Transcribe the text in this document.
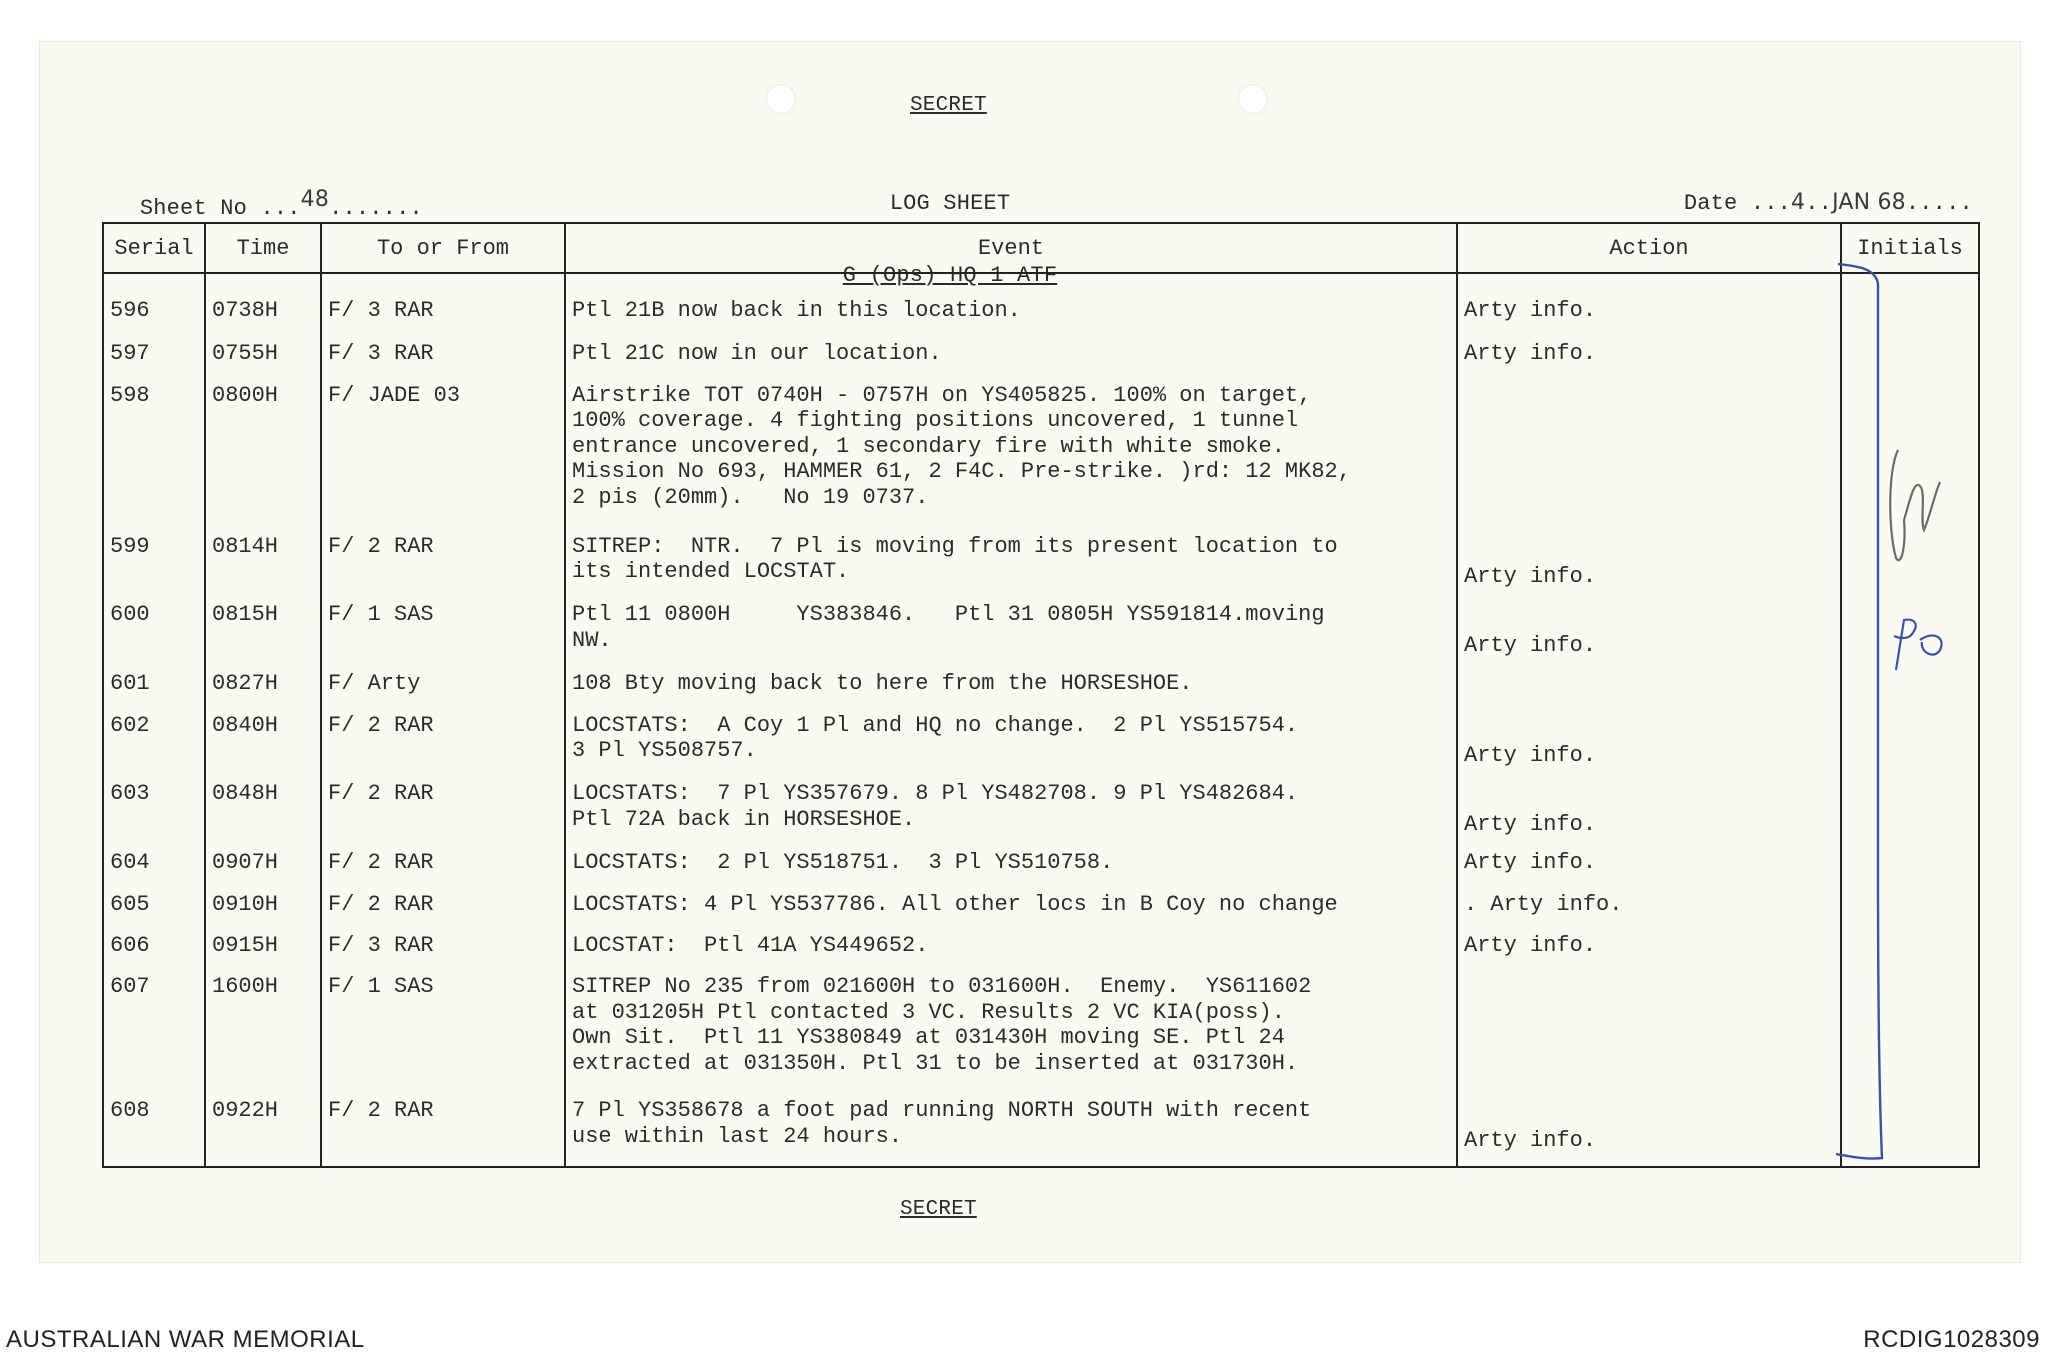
SECRET

LOG SHEET

G (Ops) HQ 1 ATF

Sheet No ...48.......	Date ...4..JAN 68.....

Serial	Time	To or From	Event	Action	Initials
596	0738H	F/ 3 RAR	Ptl 21B now back in this location.	Arty info.	
597	0755H	F/ 3 RAR	Ptl 21C now in our location.	Arty info.	
598	0800H	F/ JADE 03	Airstrike TOT 0740H - 0757H on YS405825. 100% on target,
100% coverage. 4 fighting positions uncovered, 1 tunnel
entrance uncovered, 1 secondary fire with white smoke.
Mission No 693, HAMMER 61, 2 F4C. Pre-strike. )rd: 12 MK82,
2 pis (20mm).   No 19 0737.		
599	0814H	F/ 2 RAR	SITREP:  NTR.  7 Pl is moving from its present location to
its intended LOCSTAT.	Arty info.	
600	0815H	F/ 1 SAS	Ptl 11 0800H     YS383846.   Ptl 31 0805H YS591814.moving
NW.	Arty info.	
601	0827H	F/ Arty	108 Bty moving back to here from the HORSESHOE.		
602	0840H	F/ 2 RAR	LOCSTATS:  A Coy 1 Pl and HQ no change.  2 Pl YS515754.
3 Pl YS508757.	Arty info.	
603	0848H	F/ 2 RAR	LOCSTATS:  7 Pl YS357679. 8 Pl YS482708. 9 Pl YS482684.
Ptl 72A back in HORSESHOE.	Arty info.	
604	0907H	F/ 2 RAR	LOCSTATS:  2 Pl YS518751.  3 Pl YS510758.	Arty info.	
605	0910H	F/ 2 RAR	LOCSTATS: 4 Pl YS537786. All other locs in B Coy no change	. Arty info.	
606	0915H	F/ 3 RAR	LOCSTAT:  Ptl 41A YS449652.	Arty info.	
607	1600H	F/ 1 SAS	SITREP No 235 from 021600H to 031600H.  Enemy.  YS611602
at 031205H Ptl contacted 3 VC. Results 2 VC KIA(poss).
Own Sit.  Ptl 11 YS380849 at 031430H moving SE. Ptl 24
extracted at 031350H. Ptl 31 to be inserted at 031730H.		
608	0922H	F/ 2 RAR	7 Pl YS358678 a foot pad running NORTH SOUTH with recent
use within last 24 hours.	Arty info.	

SECRET
AUSTRALIAN WAR MEMORIAL	RCDIG1028309
